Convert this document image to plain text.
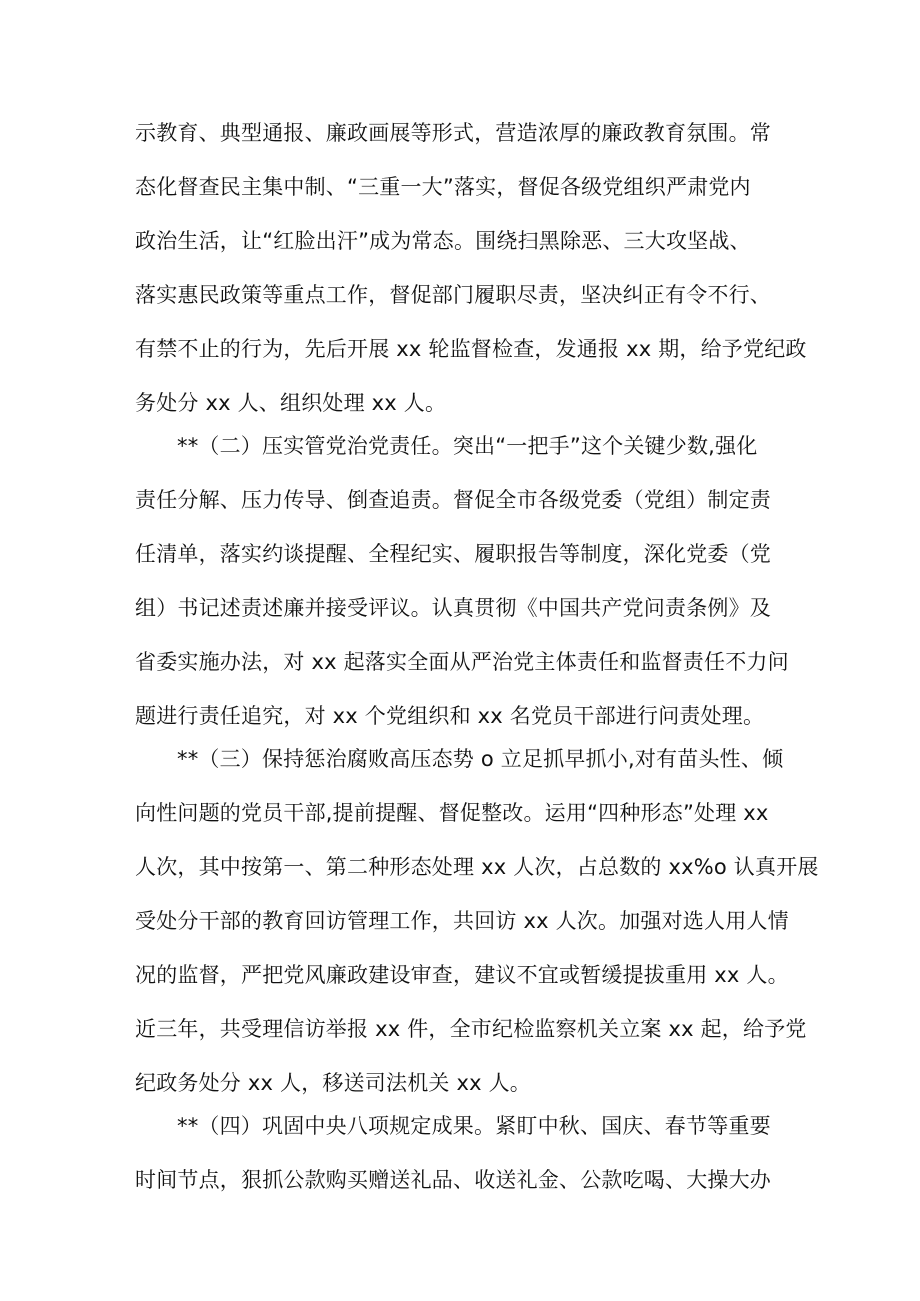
示教育、典型通报、廉政画展等形式，营造浓厚的廉政教育氛围。常
态化督查民主集中制、“三重一大”落实，督促各级党组织严肃党内
政治生活，让“红脸出汗”成为常态。围绕扫黑除恶、三大攻坚战、
落实惠民政策等重点工作，督促部门履职尽责，坚决纠正有令不行、
有禁不止的行为，先后开展 xx 轮监督检查，发通报 xx 期，给予党纪政
务处分 xx 人、组织处理 xx 人。
**（二）压实管党治党责任。突出“一把手”这个关键少数,强化
责任分解、压力传导、倒查追责。督促全市各级党委（党组）制定责
任清单，落实约谈提醒、全程纪实、履职报告等制度，深化党委（党
组）书记述责述廉并接受评议。认真贯彻《中国共产党问责条例》及
省委实施办法，对 xx 起落实全面从严治党主体责任和监督责任不力问
题进行责任追究，对 xx 个党组织和 xx 名党员干部进行问责处理。
**（三）保持惩治腐败高压态势 o 立足抓早抓小,对有苗头性、倾
向性问题的党员干部,提前提醒、督促整改。运用“四种形态”处理 xx
人次，其中按第一、第二种形态处理 xx 人次，占总数的 xx%o 认真开展
受处分干部的教育回访管理工作，共回访 xx 人次。加强对选人用人情
况的监督，严把党风廉政建设审查，建议不宜或暂缓提拔重用 xx 人。
近三年，共受理信访举报 xx 件，全市纪检监察机关立案 xx 起，给予党
纪政务处分 xx 人，移送司法机关 xx 人。
**（四）巩固中央八项规定成果。紧盯中秋、国庆、春节等重要
时间节点，狠抓公款购买赠送礼品、收送礼金、公款吃喝、大操大办
